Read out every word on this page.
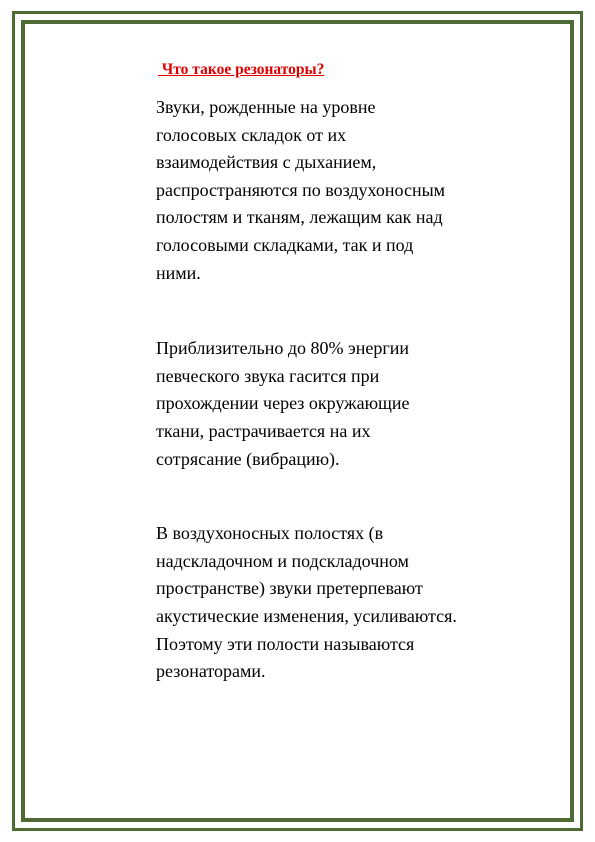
Что такое резонаторы?

Звуки, рожденные на уровне
голосовых складок от их
взаимодействия с дыханием,
распространяются по воздухоносным
полостям и тканям, лежащим как над
голосовыми складками, так и под
ними.

Приблизительно до 80% энергии
певческого звука гасится при
прохождении через окружающие
ткани, растрачивается на их
сотрясание (вибрацию).

В воздухоносных полостях (в
надскладочном и подскладочном
пространстве) звуки претерпевают
акустические изменения, усиливаются.
Поэтому эти полости называются
резонаторами.
